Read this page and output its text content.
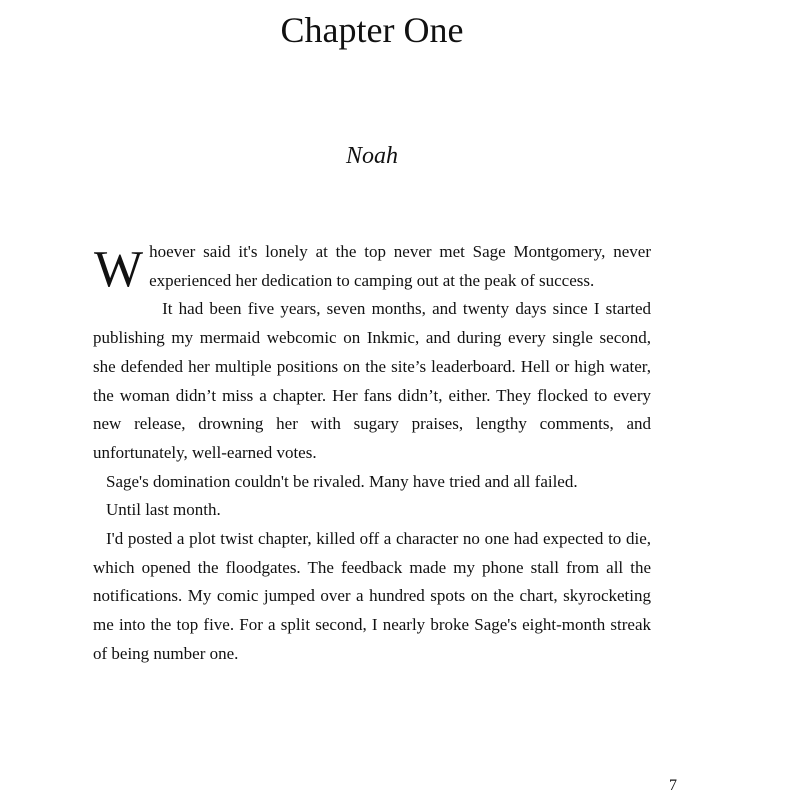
Chapter One
Noah

Whoever said it's lonely at the top never met Sage Montgomery, never experienced her dedication to camping out at the peak of success.

It had been five years, seven months, and twenty days since I started publishing my mermaid webcomic on Inkmic, and during every single second, she defended her multiple positions on the site’s leaderboard. Hell or high water, the woman didn’t miss a chapter. Her fans didn’t, either. They flocked to every new release, drowning her with sugary praises, lengthy comments, and unfortunately, well-earned votes.

Sage's domination couldn't be rivaled. Many have tried and all failed.

Until last month.

I'd posted a plot twist chapter, killed off a character no one had expected to die, which opened the floodgates. The feedback made my phone stall from all the notifications. My comic jumped over a hundred spots on the chart, skyrocketing me into the top five. For a split second, I nearly broke Sage's eight-month streak of being number one.

7
